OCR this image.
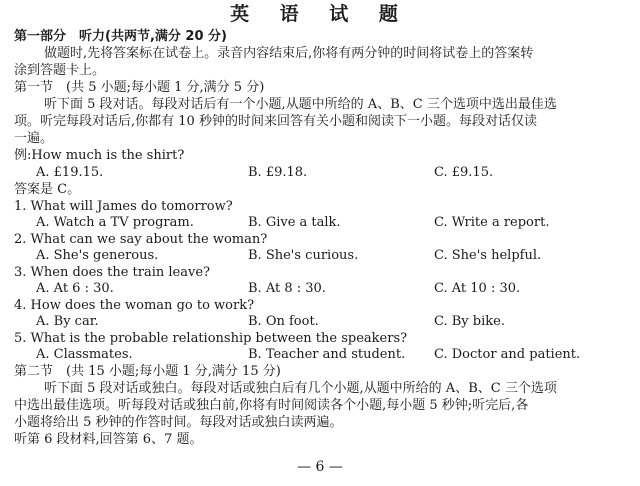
英 语 试 题
第一部分　听力(共两节,满分 20 分)
做题时,先将答案标在试卷上。录音内容结束后,你将有两分钟的时间将试卷上的答案转
涂到答题卡上。
第一节　(共 5 小题;每小题 1 分,满分 5 分)
听下面 5 段对话。每段对话后有一个小题,从题中所给的 A、B、C 三个选项中选出最佳选
项。听完每段对话后,你都有 10 秒钟的时间来回答有关小题和阅读下一小题。每段对话仅读
一遍。
例:How much is the shirt?
A. £19.15.	B. £9.18.	C. £9.15.
答案是 C。
1. What will James do tomorrow?
A. Watch a TV program.	B. Give a talk.	C. Write a report.
2. What can we say about the woman?
A. She's generous.	B. She's curious.	C. She's helpful.
3. When does the train leave?
A. At 6 : 30.	B. At 8 : 30.	C. At 10 : 30.
4. How does the woman go to work?
A. By car.	B. On foot.	C. By bike.
5. What is the probable relationship between the speakers?
A. Classmates.	B. Teacher and student. C. Doctor and patient.
第二节　(共 15 小题;每小题 1 分,满分 15 分)
听下面 5 段对话或独白。每段对话或独白后有几个小题,从题中所给的 A、B、C 三个选项
中选出最佳选项。听每段对话或独白前,你将有时间阅读各个小题,每小题 5 秒钟;听完后,各
小题将给出 5 秒钟的作答时间。每段对话或独白读两遍。
听第 6 段材料,回答第 6、7 题。
— 6 —
